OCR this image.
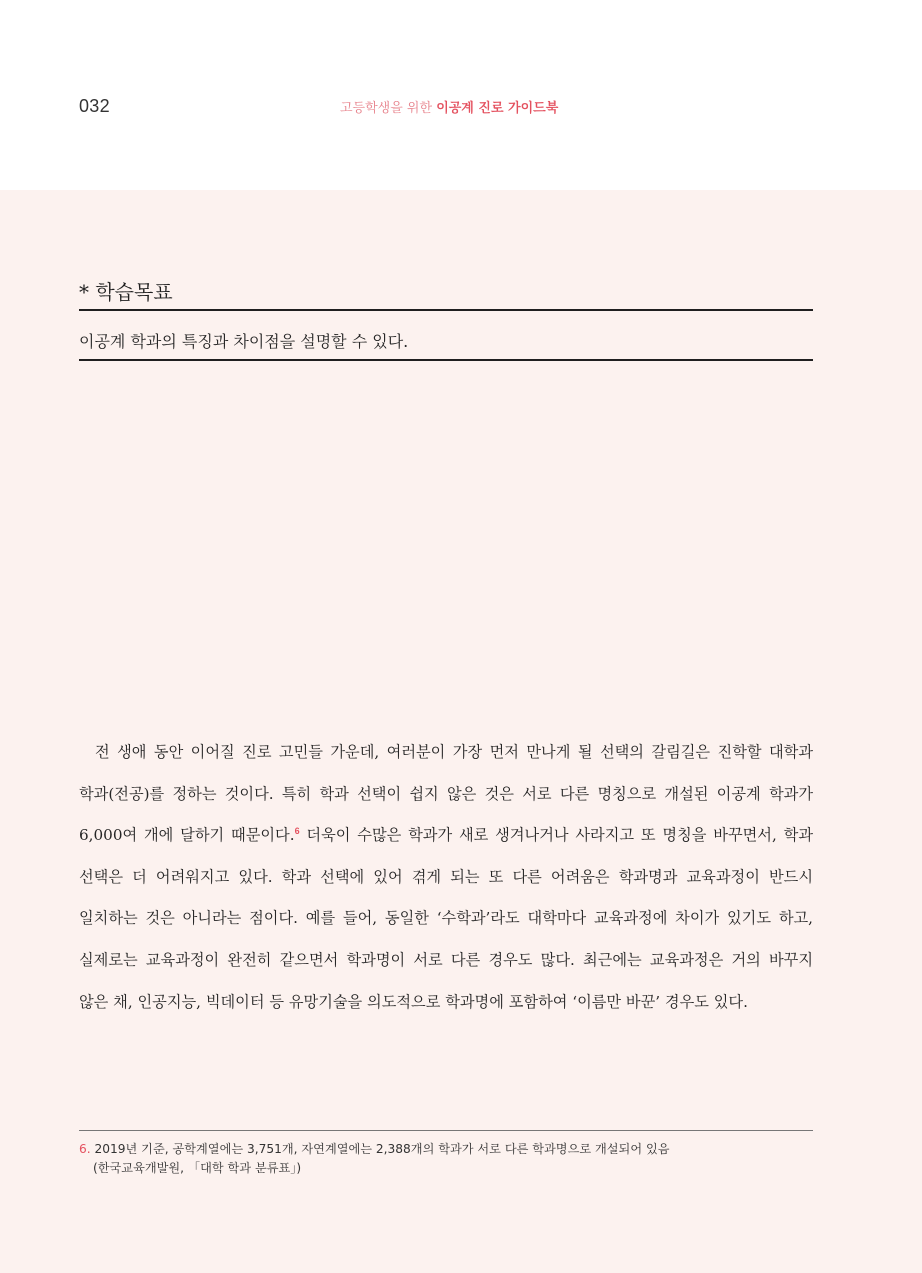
032	고등학생을 위한 이공계 진로 가이드북
* 학습목표
이공계 학과의 특징과 차이점을 설명할 수 있다.
전 생애 동안 이어질 진로 고민들 가운데, 여러분이 가장 먼저 만나게 될 선택의 갈림길은 진학할 대학과
학과(전공)를 정하는 것이다. 특히 학과 선택이 쉽지 않은 것은 서로 다른 명칭으로 개설된 이공계 학과가
6,000여 개에 달하기 때문이다.$^6$ 더욱이 수많은 학과가 새로 생겨나거나 사라지고 또 명칭을 바꾸면서, 학과
선택은 더 어려워지고 있다. 학과 선택에 있어 겪게 되는 또 다른 어려움은 학과명과 교육과정이 반드시
일치하는 것은 아니라는 점이다. 예를 들어, 동일한 ‘수학과’라도 대학마다 교육과정에 차이가 있기도 하고,
실제로는 교육과정이 완전히 같으면서 학과명이 서로 다른 경우도 많다. 최근에는 교육과정은 거의 바꾸지
않은 채, 인공지능, 빅데이터 등 유망기술을 의도적으로 학과명에 포함하여 ‘이름만 바꾼’ 경우도 있다.
6. 2019년 기준, 공학계열에는 3,751개, 자연계열에는 2,388개의 학과가 서로 다른 학과명으로 개설되어 있음
(한국교육개발원, 「대학 학과 분류표」)
